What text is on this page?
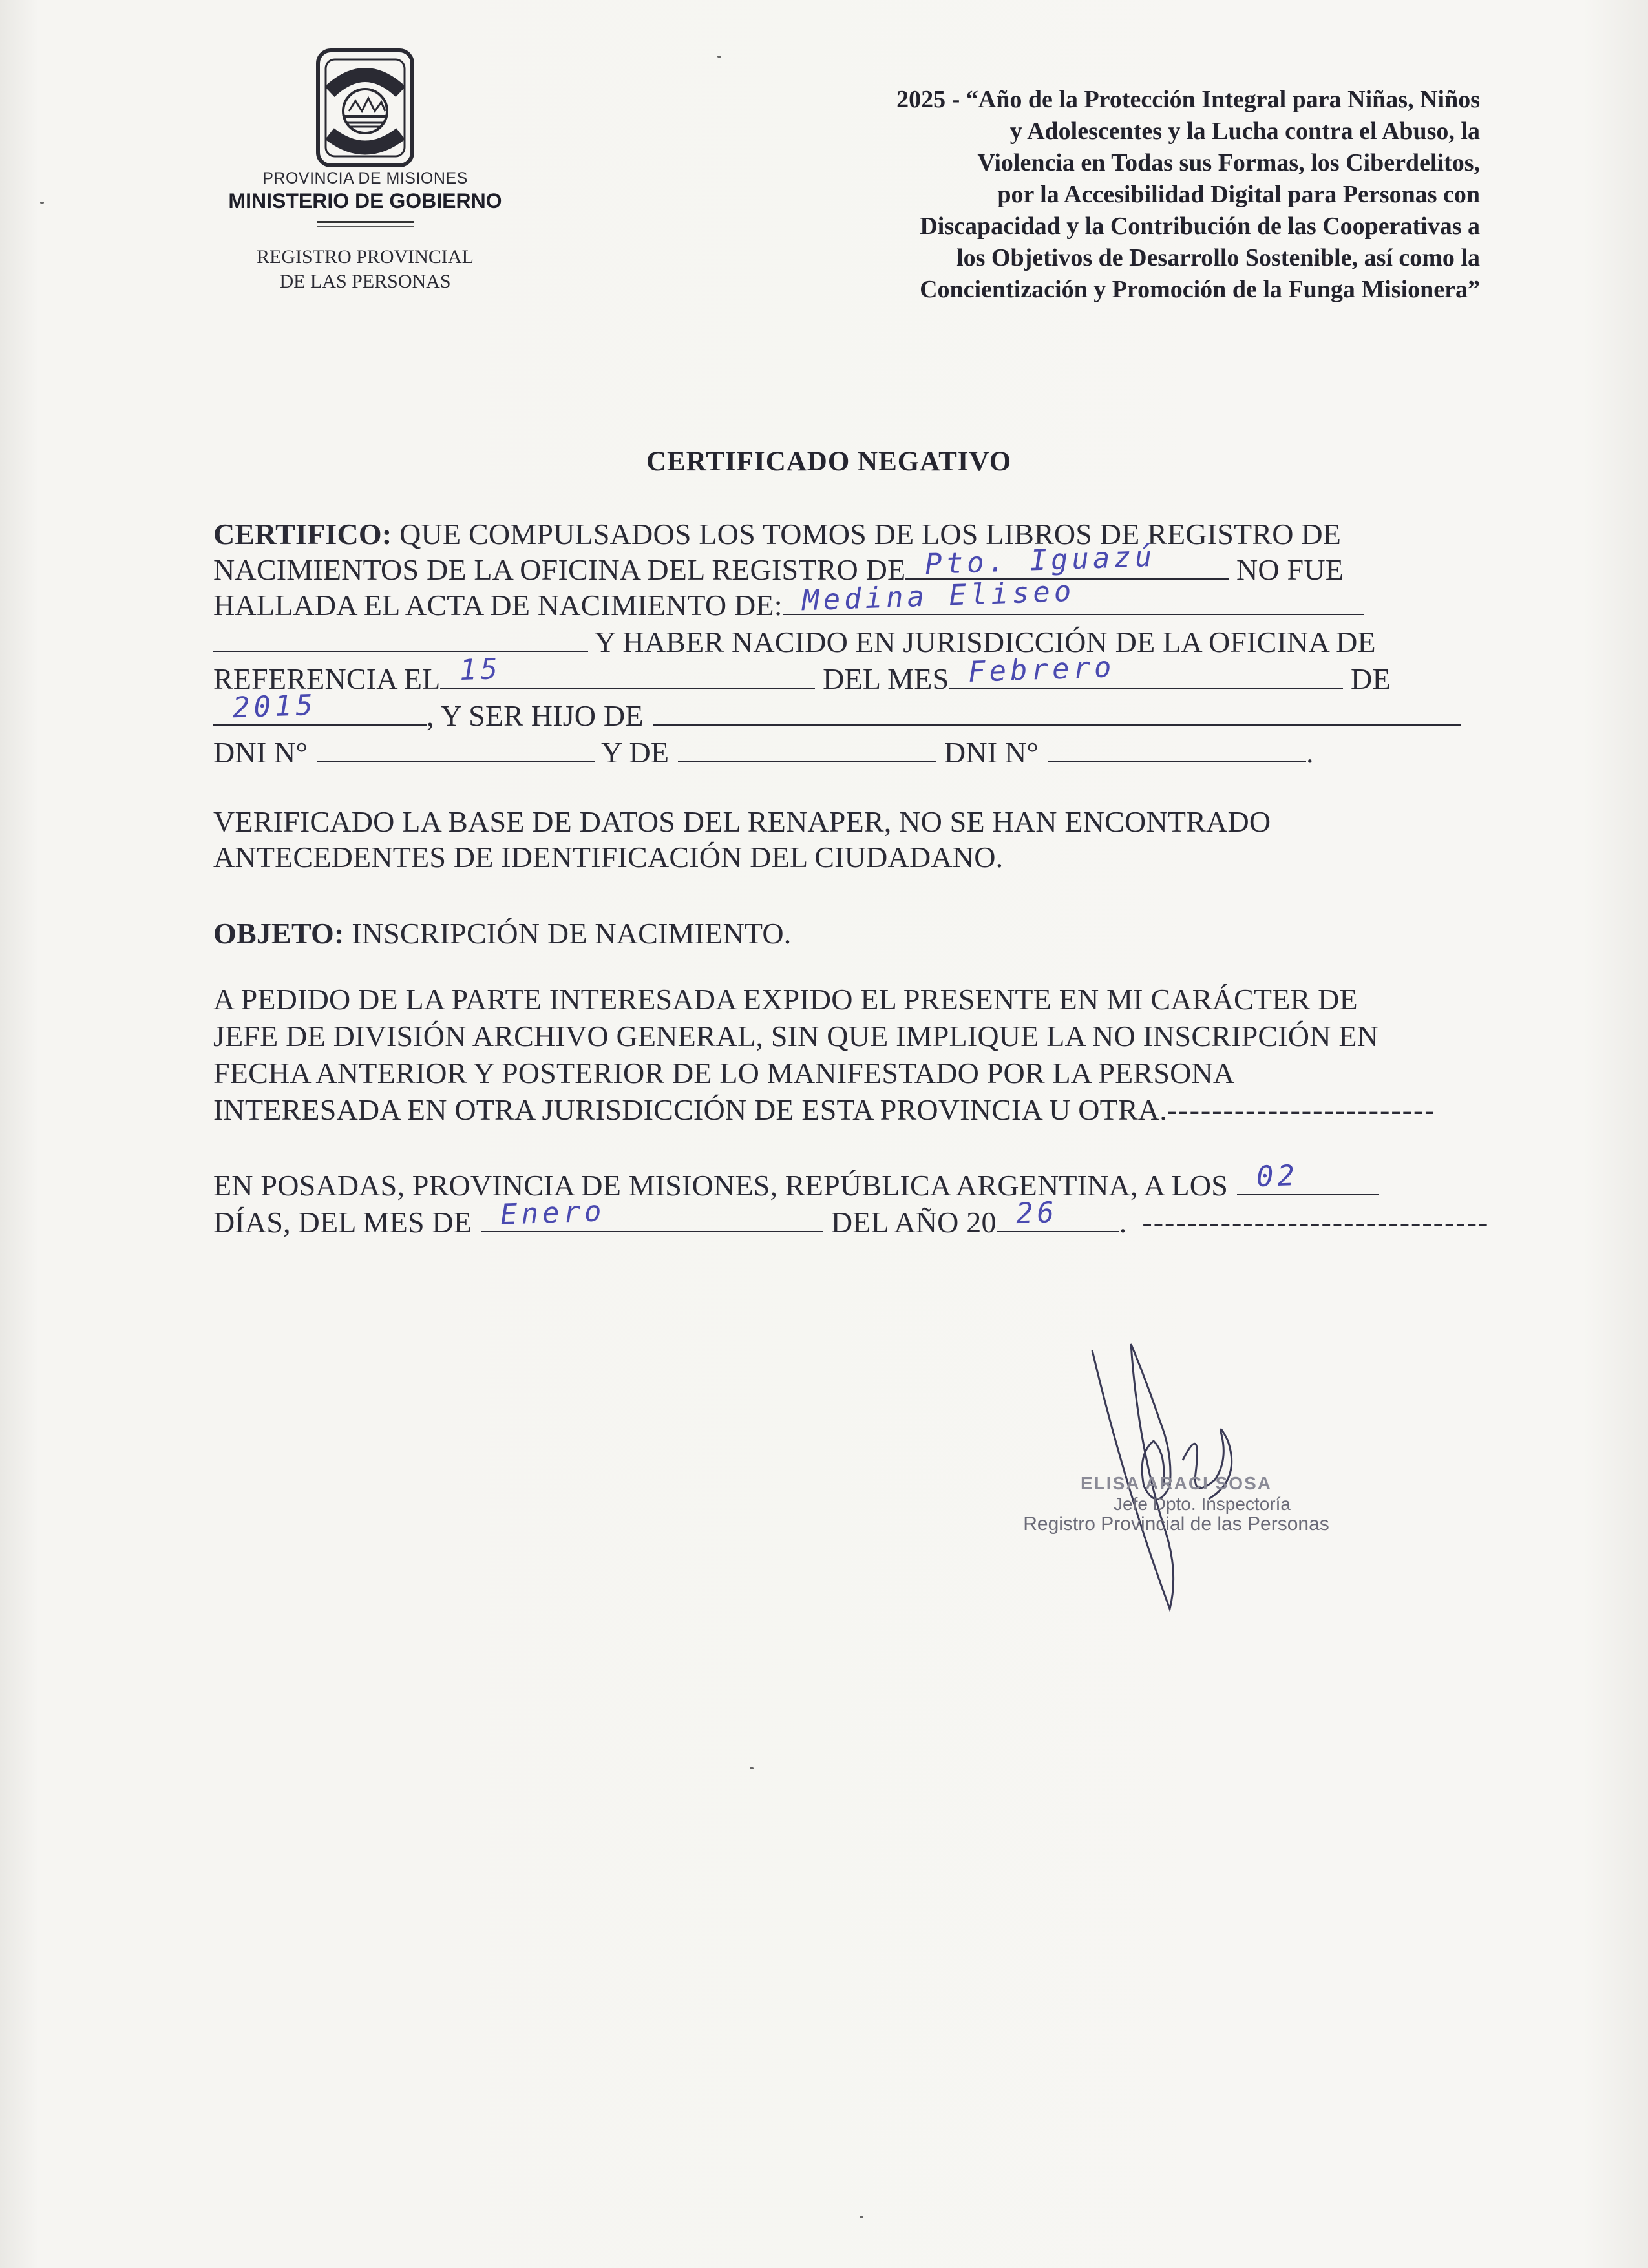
PROVINCIA DE MISIONES
MINISTERIO DE GOBIERNO
REGISTRO PROVINCIAL
DE LAS PERSONAS
2025 - “Año de la Protección Integral para Niñas, Niños
y Adolescentes y la Lucha contra el Abuso, la
Violencia en Todas sus Formas, los Ciberdelitos,
por la Accesibilidad Digital para Personas con
Discapacidad y la Contribución de las Cooperativas a
los Objetivos de Desarrollo Sostenible, así como la
Concientización y Promoción de la Funga Misionera”
CERTIFICADO NEGATIVO
CERTIFICO: QUE COMPULSADOS LOS TOMOS DE LOS LIBROS DE REGISTRO DE
NACIMIENTOS DE LA OFICINA DEL REGISTRO DE Pto. Iguazú NO FUE
HALLADA EL ACTA DE NACIMIENTO DE: Medina Eliseo
Y HABER NACIDO EN JURISDICCIÓN DE LA OFICINA DE
REFERENCIA EL 15	DEL MES Febrero	DE
2015	, Y SER HIJO DE
DNI N°	Y DE	DNI N°	.
VERIFICADO LA BASE DE DATOS DEL RENAPER, NO SE HAN ENCONTRADO
ANTECEDENTES DE IDENTIFICACIÓN DEL CIUDADANO.
OBJETO: INSCRIPCIÓN DE NACIMIENTO.
A PEDIDO DE LA PARTE INTERESADA EXPIDO EL PRESENTE EN MI CARÁCTER DE
JEFE DE DIVISIÓN ARCHIVO GENERAL, SIN QUE IMPLIQUE LA NO INSCRIPCIÓN EN
FECHA ANTERIOR Y POSTERIOR DE LO MANIFESTADO POR LA PERSONA
INTERESADA EN OTRA JURISDICCIÓN DE ESTA PROVINCIA U OTRA.------------------------
EN POSADAS, PROVINCIA DE MISIONES, REPÚBLICA ARGENTINA, A LOS 02
DÍAS, DEL MES DE Enero	DEL AÑO 20 26 . -------------------------------
ELISA ARACI SOSA
Jefe Dpto. Inspectoría
Registro Provincial de las Personas
